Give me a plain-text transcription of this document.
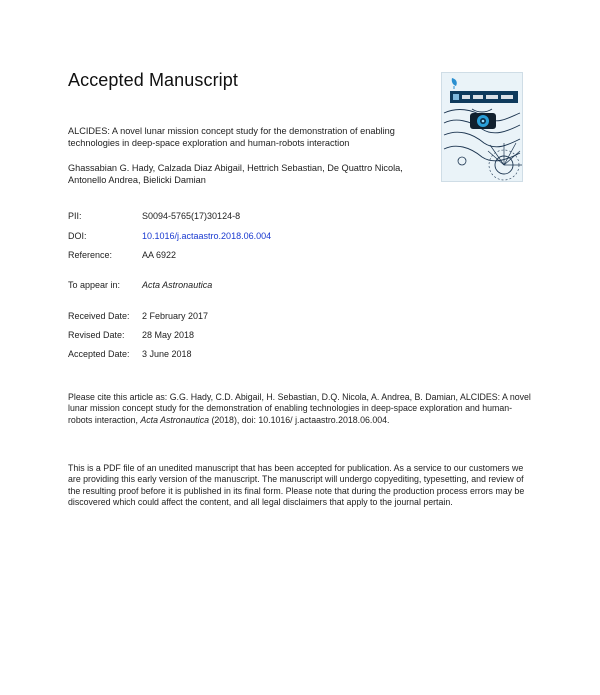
Accepted Manuscript
ALCIDES: A novel lunar mission concept study for the demonstration of enabling technologies in deep-space exploration and human-robots interaction
Ghassabian G. Hady, Calzada Diaz Abigail, Hettrich Sebastian, De Quattro Nicola, Antonello Andrea, Bielicki Damian
PII:	S0094-5765(17)30124-8
DOI:	10.1016/j.actaastro.2018.06.004
Reference:	AA 6922
To appear in: Acta Astronautica
Received Date: 2 February 2017
Revised Date: 28 May 2018
Accepted Date: 3 June 2018
Please cite this article as: G.G. Hady, C.D. Abigail, H. Sebastian, D.Q. Nicola, A. Andrea, B. Damian, ALCIDES: A novel lunar mission concept study for the demonstration of enabling technologies in deep-space exploration and human-robots interaction, Acta Astronautica (2018), doi: 10.1016/ j.actaastro.2018.06.004.
This is a PDF file of an unedited manuscript that has been accepted for publication. As a service to our customers we are providing this early version of the manuscript. The manuscript will undergo copyediting, typesetting, and review of the resulting proof before it is published in its final form. Please note that during the production process errors may be discovered which could affect the content, and all legal disclaimers that apply to the journal pertain.
